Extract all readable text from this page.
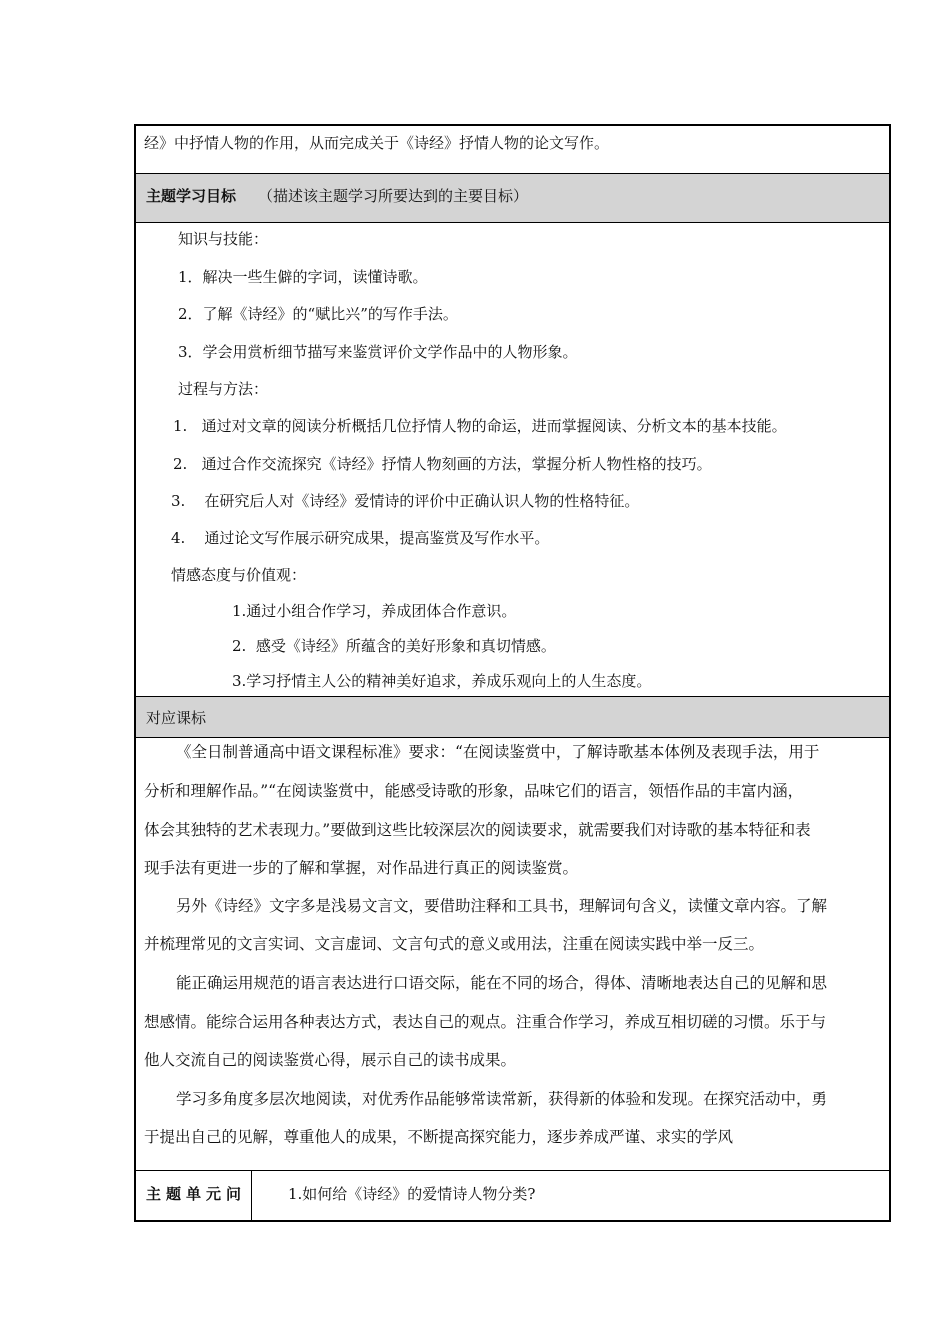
经》中抒情人物的作用，从而完成关于《诗经》抒情人物的论文写作。
主题学习目标 （描述该主题学习所要达到的主要目标）
知识与技能：
1．解决一些生僻的字词，读懂诗歌。
2．了解《诗经》的“赋比兴”的写作手法。
3．学会用赏析细节描写来鉴赏评价文学作品中的人物形象。
过程与方法：
1.   通过对文章的阅读分析概括几位抒情人物的命运，进而掌握阅读、分析文本的基本技能。
2.   通过合作交流探究《诗经》抒情人物刻画的方法，掌握分析人物性格的技巧。
3.    在研究后人对《诗经》爱情诗的评价中正确认识人物的性格特征。
4.    通过论文写作展示研究成果，提高鉴赏及写作水平。
情感态度与价值观：
1.通过小组合作学习，养成团体合作意识。
2.  感受《诗经》所蕴含的美好形象和真切情感。
3.学习抒情主人公的精神美好追求，养成乐观向上的人生态度。
对应课标
《全日制普通高中语文课程标准》要求：“在阅读鉴赏中，了解诗歌基本体例及表现手法，用于
分析和理解作品。”“在阅读鉴赏中，能感受诗歌的形象，品味它们的语言，领悟作品的丰富内涵，
体会其独特的艺术表现力。”要做到这些比较深层次的阅读要求，就需要我们对诗歌的基本特征和表
现手法有更进一步的了解和掌握，对作品进行真正的阅读鉴赏。
另外《诗经》文字多是浅易文言文，要借助注释和工具书，理解词句含义，读懂文章内容。了解
并梳理常见的文言实词、文言虚词、文言句式的意义或用法，注重在阅读实践中举一反三。
能正确运用规范的语言表达进行口语交际，能在不同的场合，得体、清晰地表达自己的见解和思
想感情。能综合运用各种表达方式，表达自己的观点。注重合作学习，养成互相切磋的习惯。乐于与
他人交流自己的阅读鉴赏心得，展示自己的读书成果。
学习多角度多层次地阅读，对优秀作品能够常读常新，获得新的体验和发现。在探究活动中，勇
于提出自己的见解，尊重他人的成果，不断提高探究能力，逐步养成严谨、求实的学风
主题单元问	1.如何给《诗经》的爱情诗人物分类?
